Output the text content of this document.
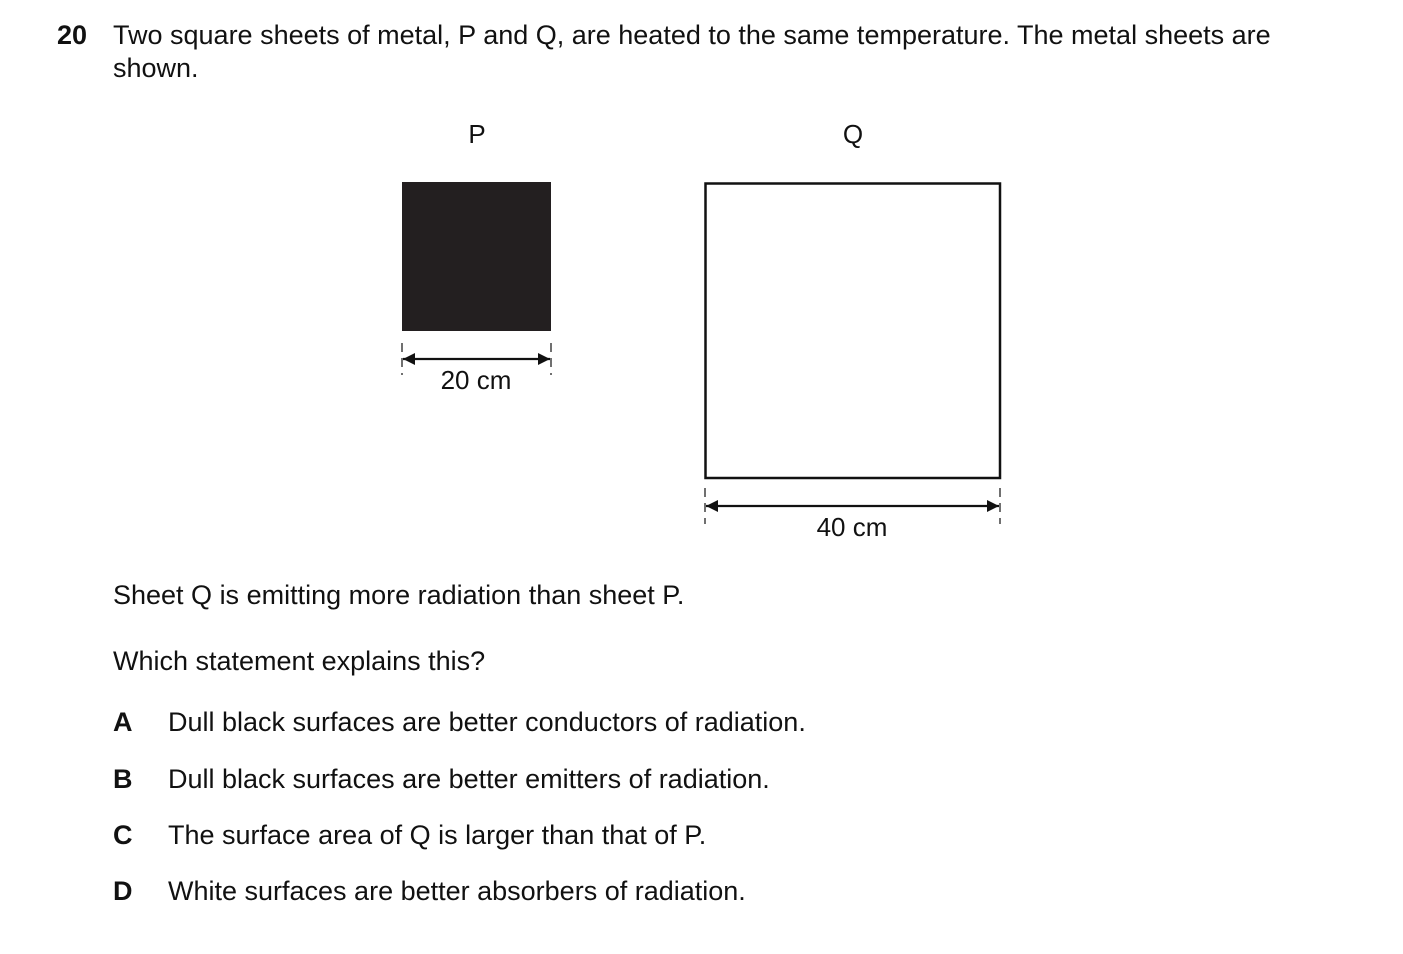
20 Two square sheets of metal, P and Q, are heated to the same temperature. The metal sheets are shown.
P
20 cm
Q
40 cm
Sheet Q is emitting more radiation than sheet P.
Which statement explains this?
A Dull black surfaces are better conductors of radiation.
B Dull black surfaces are better emitters of radiation.
C The surface area of Q is larger than that of P.
D White surfaces are better absorbers of radiation.
